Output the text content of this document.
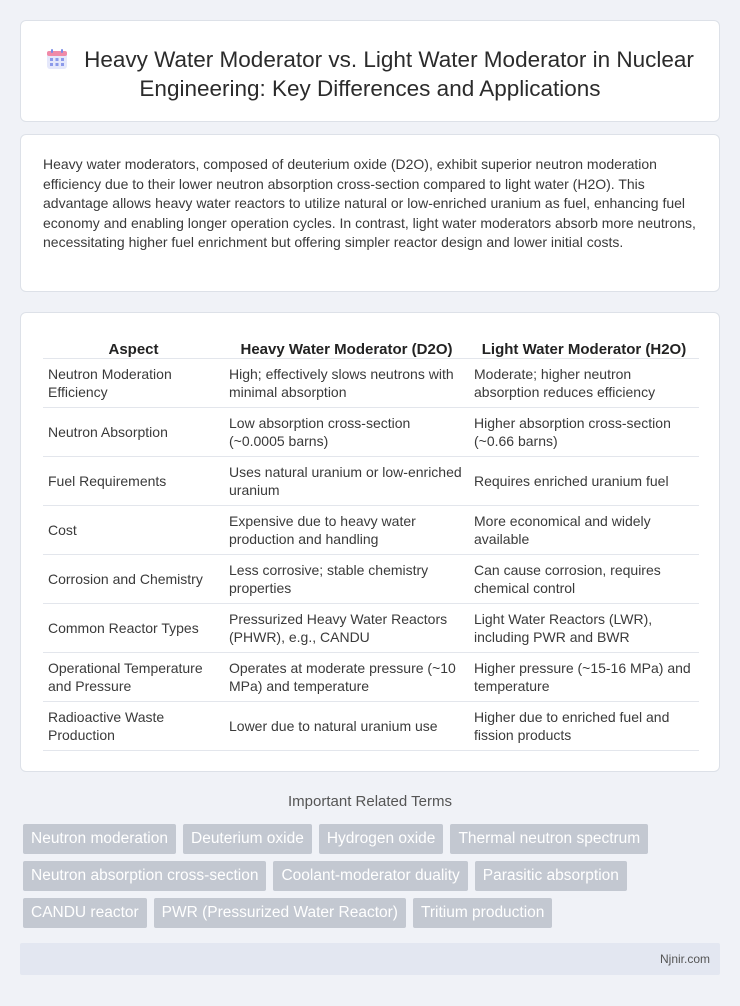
Heavy Water Moderator vs. Light Water Moderator in Nuclear Engineering: Key Differences and Applications

Heavy water moderators, composed of deuterium oxide (D2O), exhibit superior neutron moderation efficiency due to their lower neutron absorption cross-section compared to light water (H2O). This advantage allows heavy water reactors to utilize natural or low-enriched uranium as fuel, enhancing fuel economy and enabling longer operation cycles. In contrast, light water moderators absorb more neutrons, necessitating higher fuel enrichment but offering simpler reactor design and lower initial costs.

Aspect	Heavy Water Moderator (D2O)	Light Water Moderator (H2O)
Neutron Moderation Efficiency	High; effectively slows neutrons with minimal absorption	Moderate; higher neutron absorption reduces efficiency
Neutron Absorption	Low absorption cross-section (~0.0005 barns)	Higher absorption cross-section (~0.66 barns)
Fuel Requirements	Uses natural uranium or low-enriched uranium	Requires enriched uranium fuel
Cost	Expensive due to heavy water production and handling	More economical and widely available
Corrosion and Chemistry	Less corrosive; stable chemistry properties	Can cause corrosion, requires chemical control
Common Reactor Types	Pressurized Heavy Water Reactors (PHWR), e.g., CANDU	Light Water Reactors (LWR), including PWR and BWR
Operational Temperature and Pressure	Operates at moderate pressure (~10 MPa) and temperature	Higher pressure (~15-16 MPa) and temperature
Radioactive Waste Production	Lower due to natural uranium use	Higher due to enriched fuel and fission products
Important Related Terms
Neutron moderation	Deuterium oxide	Hydrogen oxide	Thermal neutron spectrum
Neutron absorption cross-section	Coolant-moderator duality	Parasitic absorption
CANDU reactor	PWR (Pressurized Water Reactor)	Tritium production
Njnir.com
